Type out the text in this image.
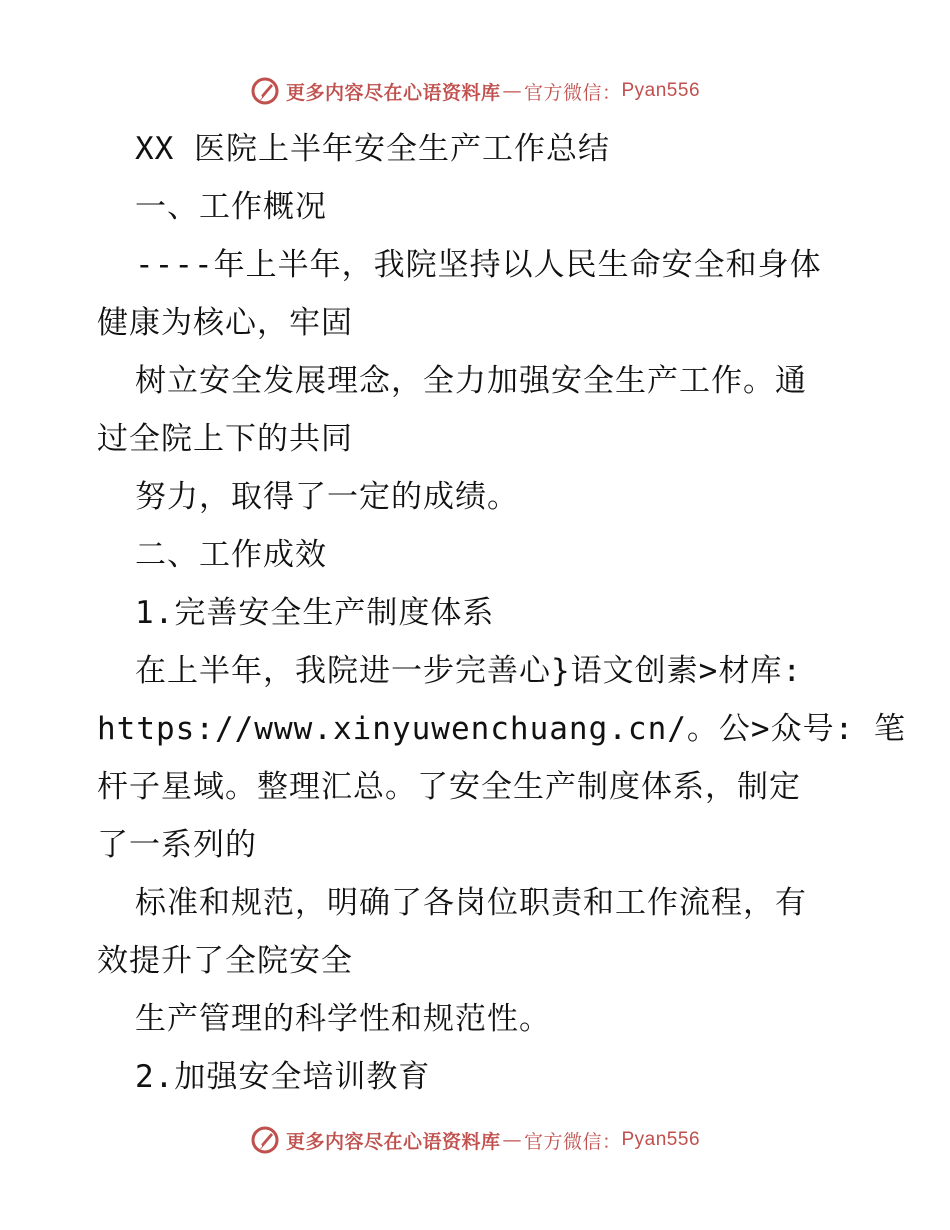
更多内容尽在心语资料库 — 官方微信： Pyan556
XX 医院上半年安全生产工作总结
一、工作概况
----年上半年，我院坚持以人民生命安全和身体
健康为核心，牢固
树立安全发展理念，全力加强安全生产工作。通
过全院上下的共同
努力，取得了一定的成绩。
二、工作成效
1.完善安全生产制度体系
在上半年，我院进一步完善心}语文创素>材库:
https://www.xinyuwenchuang.cn/。公>众号: 笔
杆子星域。整理汇总。了安全生产制度体系，制定
了一系列的
标准和规范，明确了各岗位职责和工作流程，有
效提升了全院安全
生产管理的科学性和规范性。
2.加强安全培训教育
更多内容尽在心语资料库 — 官方微信： Pyan556
